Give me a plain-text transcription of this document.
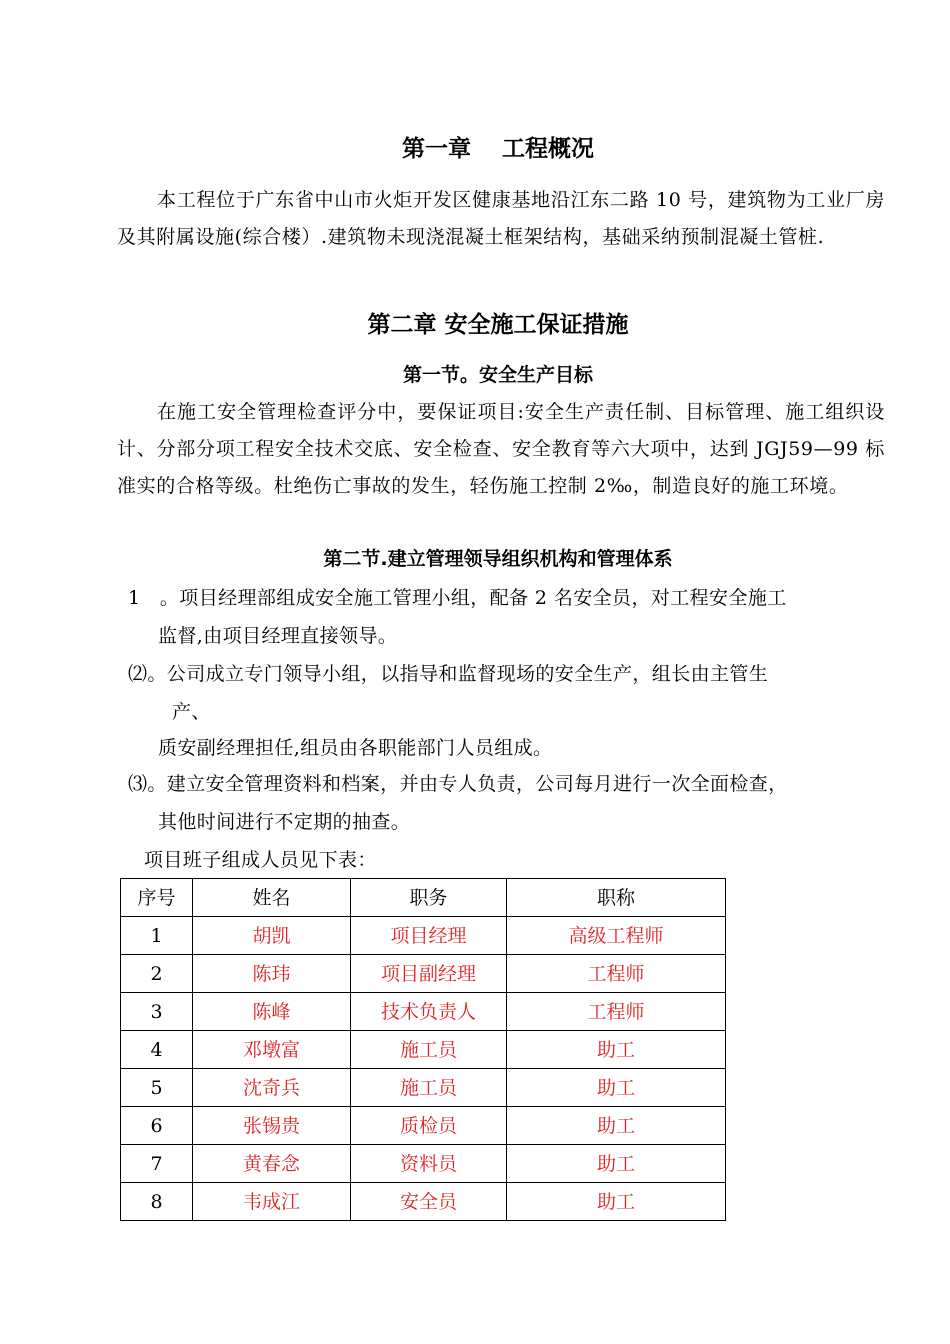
第一章　 工程概况

本工程位于广东省中山市火炬开发区健康基地沿江东二路 10 号，建筑物为工业厂房及其附属设施(综合楼）.建筑物未现浇混凝土框架结构，基础采纳预制混凝土管桩.

第二章 安全施工保证措施
第一节。安全生产目标

在施工安全管理检查评分中，要保证项目:安全生产责任制、目标管理、施工组织设计、分部分项工程安全技术交底、安全检查、安全教育等六大项中，达到 JGJ59—99 标准实的合格等级。杜绝伤亡事故的发生，轻伤施工控制 2‰，制造良好的施工环境。

第二节.建立管理领导组织机构和管理体系

1　。项目经理部组成安全施工管理小组，配备 2 名安全员，对工程安全施工

监督,由项目经理直接领导。

⑵。公司成立专门领导小组，以指导和监督现场的安全生产，组长由主管生

产、

质安副经理担任,组员由各职能部门人员组成。

⑶。建立安全管理资料和档案，并由专人负责，公司每月进行一次全面检查，

其他时间进行不定期的抽查。

项目班子组成人员见下表：

序号	姓名	职务	职称
1	胡凯	项目经理	高级工程师
2	陈玮	项目副经理	工程师
3	陈峰	技术负责人	工程师
4	邓墩富	施工员	助工
5	沈奇兵	施工员	助工
6	张锡贵	质检员	助工
7	黄春念	资料员	助工
8	韦成江	安全员	助工
